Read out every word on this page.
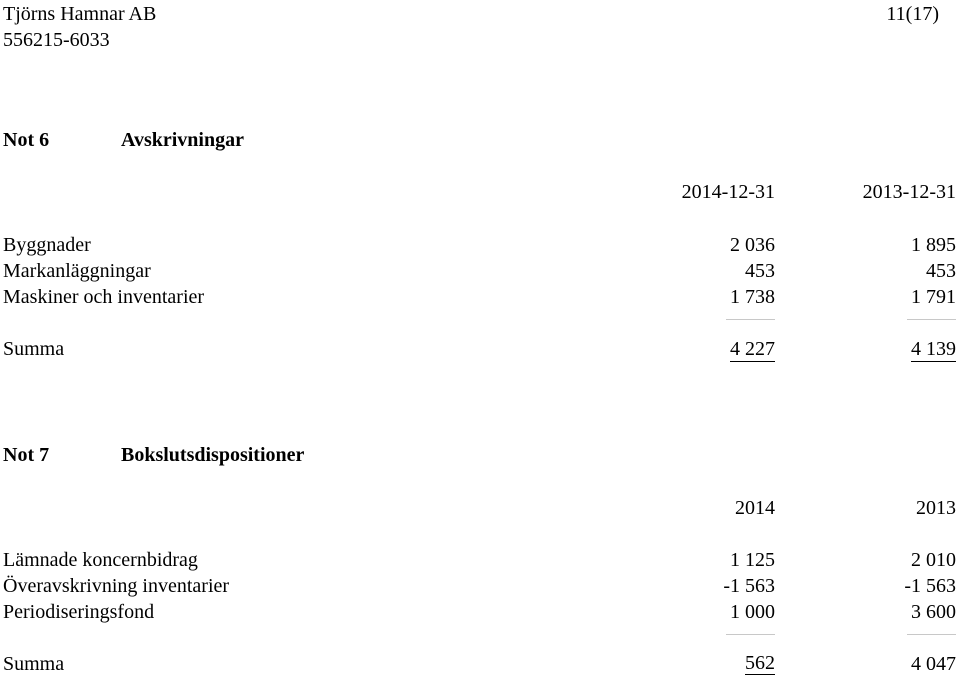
Tjörns Hamnar AB
556215-6033
11(17)
Not 6	Avskrivningar
2014-12-31	2013-12-31
Byggnader	2 036	1 895
Markanläggningar	453	453
Maskiner och inventarier	1 738	1 791
Summa	4 227	4 139
Not 7	Bokslutsdispositioner
2014	2013
Lämnade koncernbidrag	1 125	2 010
Överavskrivning inventarier	-1 563	-1 563
Periodiseringsfond	1 000	3 600
Summa	562	4 047
